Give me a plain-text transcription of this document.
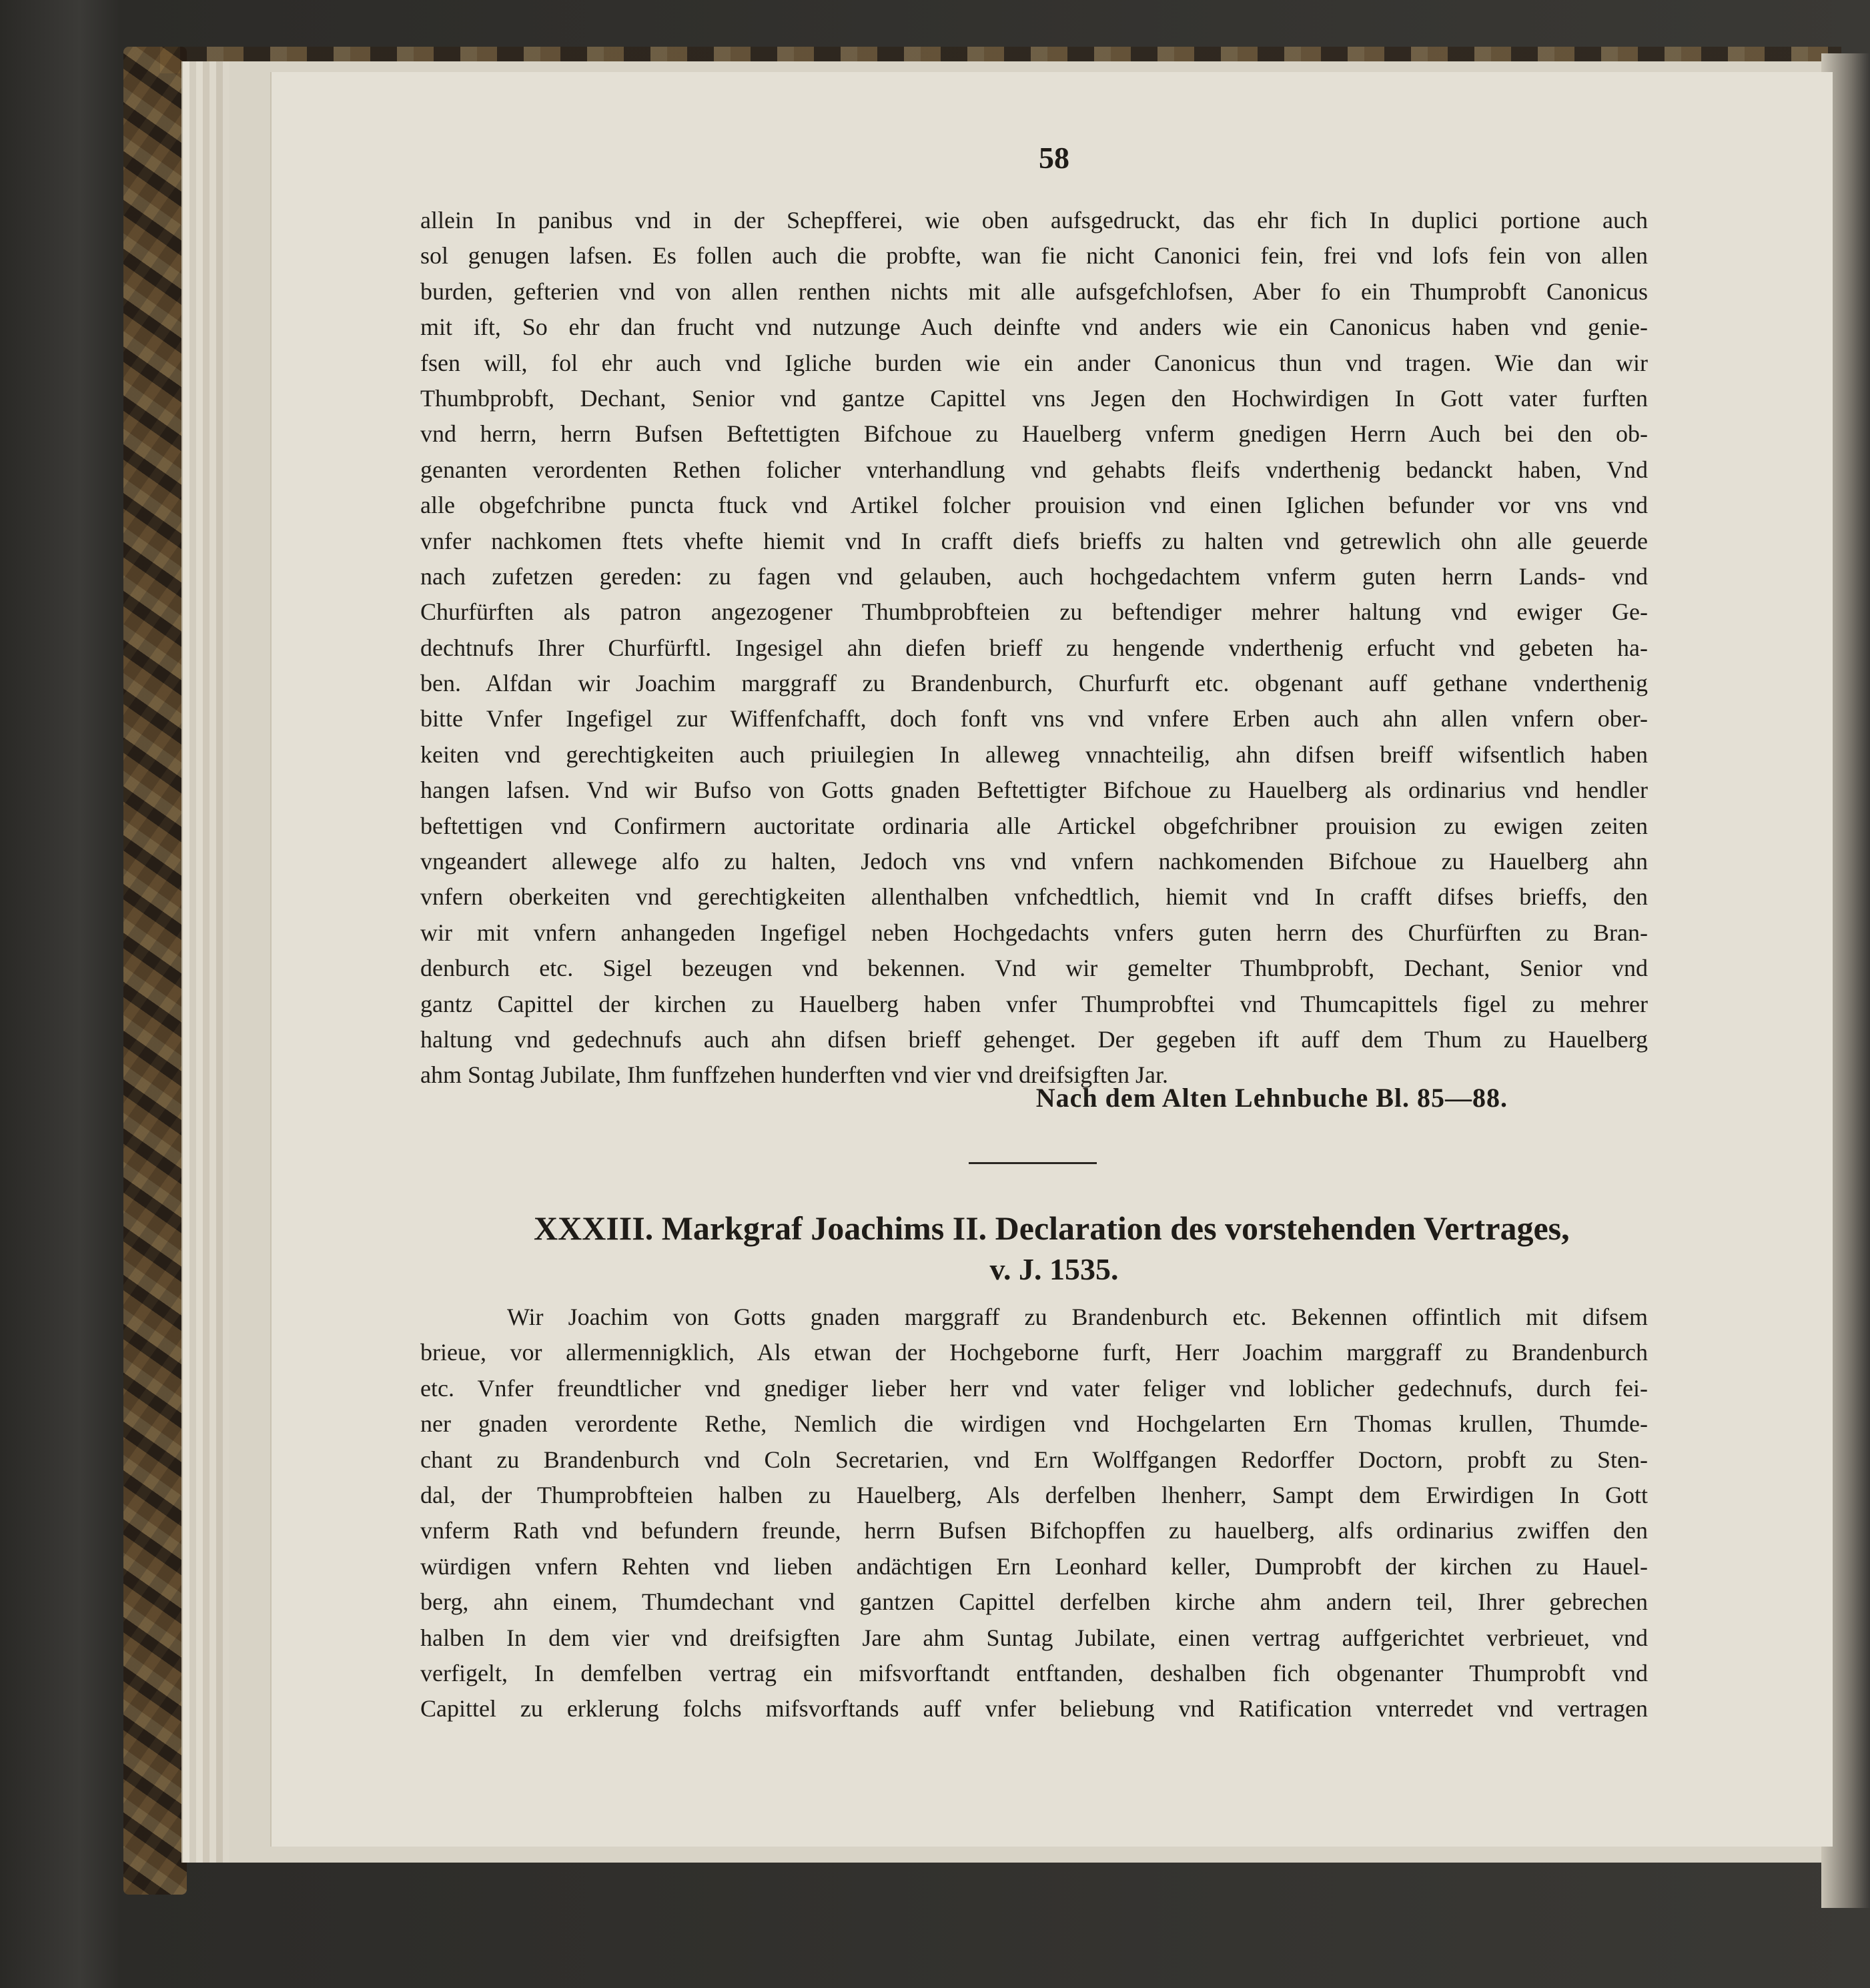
58
allein In panibus vnd in der Schepfferei, wie oben aufsgedruckt, das ehr fich In duplici portione auch
sol genugen lafsen. Es follen auch die probfte, wan fie nicht Canonici fein, frei vnd lofs fein von allen
burden, gefterien vnd von allen renthen nichts mit alle aufsgefchlofsen, Aber fo ein Thumprobft Canonicus
mit ift, So ehr dan frucht vnd nutzunge Auch deinfte vnd anders wie ein Canonicus haben vnd genie-
fsen will, fol ehr auch vnd Igliche burden wie ein ander Canonicus thun vnd tragen. Wie dan wir
Thumbprobft, Dechant, Senior vnd gantze Capittel vns Jegen den Hochwirdigen In Gott vater furften
vnd herrn, herrn Bufsen Beftettigten Bifchoue zu Hauelberg vnferm gnedigen Herrn Auch bei den ob-
genanten verordenten Rethen folicher vnterhandlung vnd gehabts fleifs vnderthenig bedanckt haben, Vnd
alle obgefchribne puncta ftuck vnd Artikel folcher prouision vnd einen Iglichen befunder vor vns vnd
vnfer nachkomen ftets vhefte hiemit vnd In crafft diefs brieffs zu halten vnd getrewlich ohn alle geuerde
nach zufetzen gereden: zu fagen vnd gelauben, auch hochgedachtem vnferm guten herrn Lands- vnd
Churfürften als patron angezogener Thumbprobfteien zu beftendiger mehrer haltung vnd ewiger Ge-
dechtnufs Ihrer Churfürftl. Ingesigel ahn diefen brieff zu hengende vnderthenig erfucht vnd gebeten ha-
ben. Alfdan wir Joachim marggraff zu Brandenburch, Churfurft etc. obgenant auff gethane vnderthenig
bitte Vnfer Ingefigel zur Wiffenfchafft, doch fonft vns vnd vnfere Erben auch ahn allen vnfern ober-
keiten vnd gerechtigkeiten auch priuilegien In alleweg vnnachteilig, ahn difsen breiff wifsentlich haben
hangen lafsen. Vnd wir Bufso von Gotts gnaden Beftettigter Bifchoue zu Hauelberg als ordinarius vnd hendler
beftettigen vnd Confirmern auctoritate ordinaria alle Artickel obgefchribner prouision zu ewigen zeiten
vngeandert allewege alfo zu halten, Jedoch vns vnd vnfern nachkomenden Bifchoue zu Hauelberg ahn
vnfern oberkeiten vnd gerechtigkeiten allenthalben vnfchedtlich, hiemit vnd In crafft difses brieffs, den
wir mit vnfern anhangeden Ingefigel neben Hochgedachts vnfers guten herrn des Churfürften zu Bran-
denburch etc. Sigel bezeugen vnd bekennen. Vnd wir gemelter Thumbprobft, Dechant, Senior vnd
gantz Capittel der kirchen zu Hauelberg haben vnfer Thumprobftei vnd Thumcapittels figel zu mehrer
haltung vnd gedechnufs auch ahn difsen brieff gehenget. Der gegeben ift auff dem Thum zu Hauelberg
ahm Sontag Jubilate, Ihm funffzehen hunderften vnd vier vnd dreifsigften Jar.
Nach dem Alten Lehnbuche Bl. 85—88.
XXXIII. Markgraf Joachims II. Declaration des vorstehenden Vertrages,
v. J. 1535.
Wir Joachim von Gotts gnaden marggraff zu Brandenburch etc. Bekennen offintlich mit difsem
brieue, vor allermennigklich, Als etwan der Hochgeborne furft, Herr Joachim marggraff zu Brandenburch
etc. Vnfer freundtlicher vnd gnediger lieber herr vnd vater feliger vnd loblicher gedechnufs, durch fei-
ner gnaden verordente Rethe, Nemlich die wirdigen vnd Hochgelarten Ern Thomas krullen, Thumde-
chant zu Brandenburch vnd Coln Secretarien, vnd Ern Wolffgangen Redorffer Doctorn, probft zu Sten-
dal, der Thumprobfteien halben zu Hauelberg, Als derfelben lhenherr, Sampt dem Erwirdigen In Gott
vnferm Rath vnd befundern freunde, herrn Bufsen Bifchopffen zu hauelberg, alfs ordinarius zwiffen den
würdigen vnfern Rehten vnd lieben andächtigen Ern Leonhard keller, Dumprobft der kirchen zu Hauel-
berg, ahn einem, Thumdechant vnd gantzen Capittel derfelben kirche ahm andern teil, Ihrer gebrechen
halben In dem vier vnd dreifsigften Jare ahm Suntag Jubilate, einen vertrag auffgerichtet verbrieuet, vnd
verfigelt, In demfelben vertrag ein mifsvorftandt entftanden, deshalben fich obgenanter Thumprobft vnd
Capittel zu erklerung folchs mifsvorftands auff vnfer beliebung vnd Ratification vnterredet vnd vertragen
